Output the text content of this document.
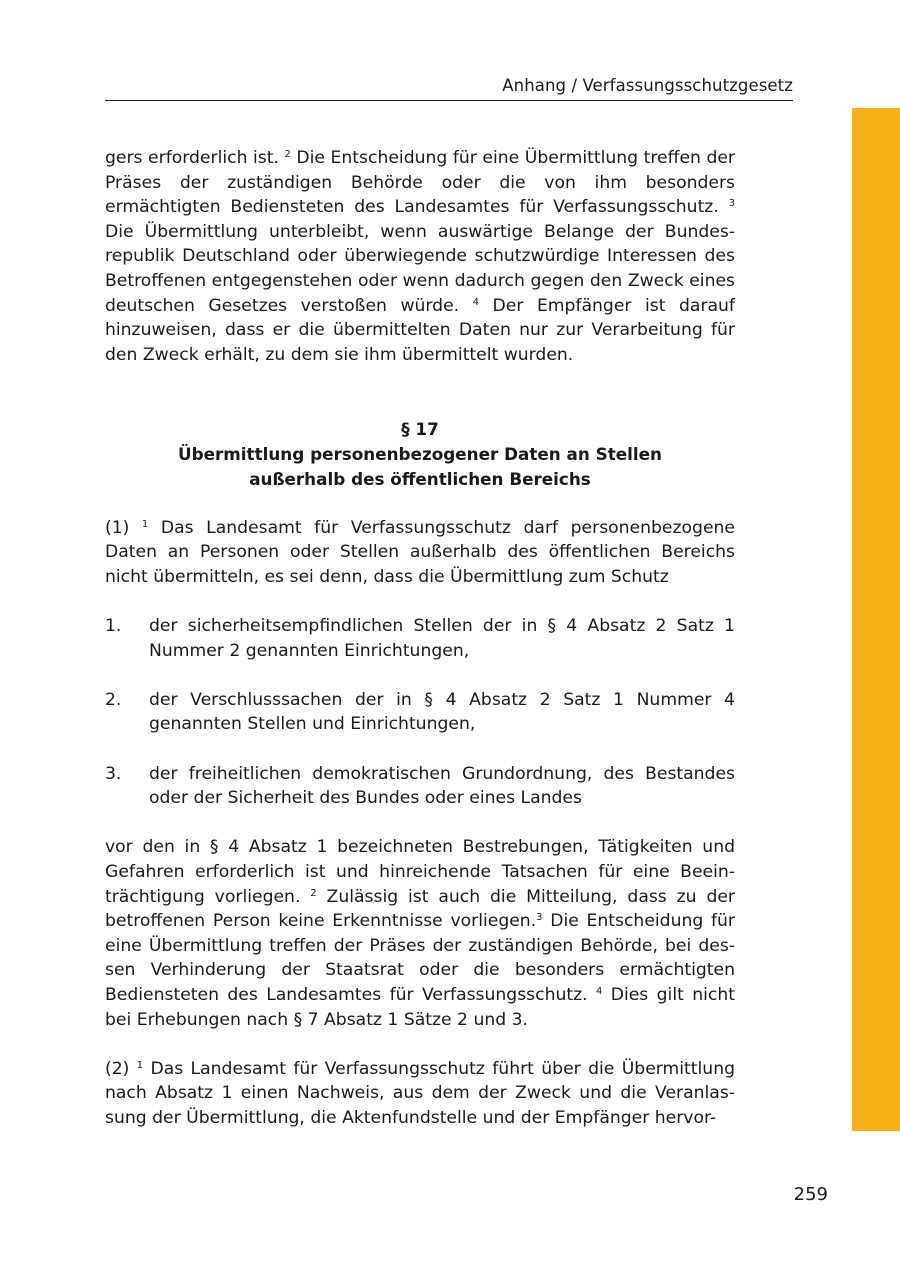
Anhang / Verfassungsschutzgesetz

gers erforderlich ist. $^2$ Die Entscheidung für eine Übermittlung treffen der Präses der zuständigen Behörde oder die von ihm besonders ermächtigten Bediensteten des Landesamtes für Verfassungsschutz. $^3$ Die Übermittlung unterbleibt, wenn auswärtige Belange der Bundesrepublik Deutschland oder überwiegende schutzwürdige Interessen des Betroffenen entgegenstehen oder wenn dadurch gegen den Zweck eines deutschen Gesetzes verstoßen würde. $^4$ Der Empfänger ist darauf hinzuweisen, dass er die übermittelten Daten nur zur Verarbeitung für den Zweck erhält, zu dem sie ihm übermittelt wurden.

§ 17
Übermittlung personenbezogener Daten an Stellen
außerhalb des öffentlichen Bereichs

(1) $^1$ Das Landesamt für Verfassungsschutz darf personenbezogene Daten an Personen oder Stellen außerhalb des öffentlichen Bereichs nicht übermitteln, es sei denn, dass die Übermittlung zum Schutz

1. der sicherheitsempfindlichen Stellen der in § 4 Absatz 2 Satz 1 Nummer 2 genannten Einrichtungen,
2. der Verschlusssachen der in § 4 Absatz 2 Satz 1 Nummer 4 genannten Stellen und Einrichtungen,
3. der freiheitlichen demokratischen Grundordnung, des Bestandes oder der Sicherheit des Bundes oder eines Landes

vor den in § 4 Absatz 1 bezeichneten Bestrebungen, Tätigkeiten und Gefahren erforderlich ist und hinreichende Tatsachen für eine Beeinträchtigung vorliegen. $^2$ Zulässig ist auch die Mitteilung, dass zu der betroffenen Person keine Erkenntnisse vorliegen.$^3$ Die Entscheidung für eine Übermittlung treffen der Präses der zuständigen Behörde, bei dessen Verhinderung der Staatsrat oder die besonders ermächtigten Bediensteten des Landesamtes für Verfassungsschutz. $^4$ Dies gilt nicht bei Erhebungen nach § 7 Absatz 1 Sätze 2 und 3.

(2) $^1$ Das Landesamt für Verfassungsschutz führt über die Übermittlung nach Absatz 1 einen Nachweis, aus dem der Zweck und die Veranlassung der Übermittlung, die Aktenfundstelle und der Empfänger hervor-

259
